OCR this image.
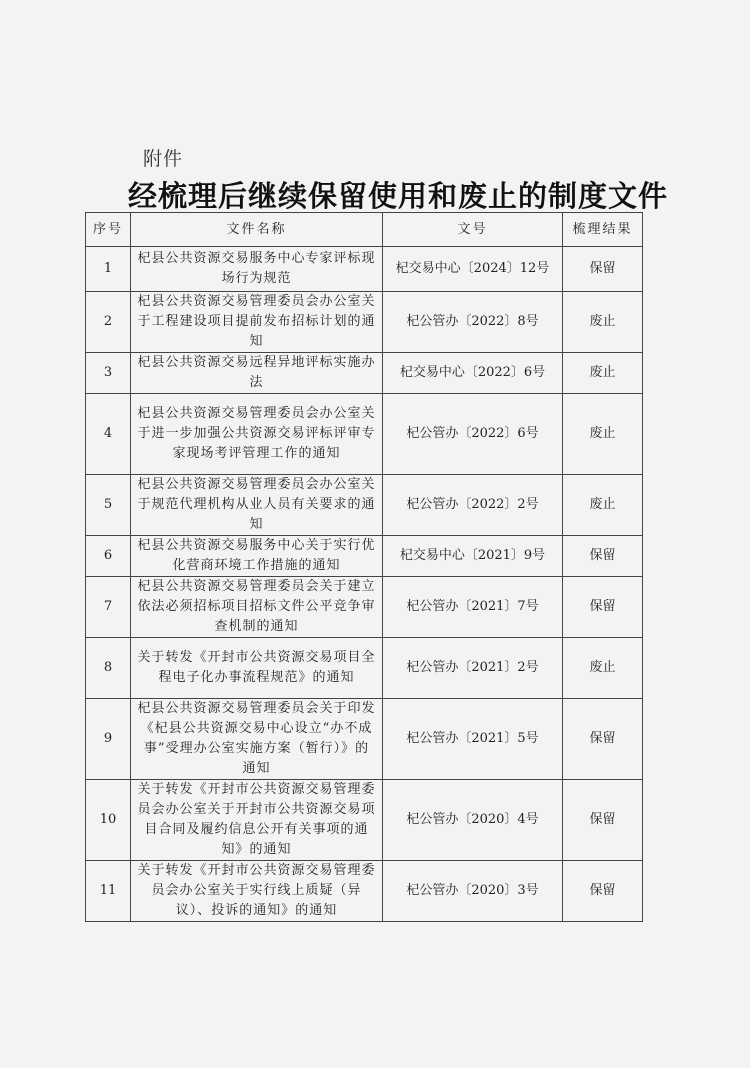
附件
经梳理后继续保留使用和废止的制度文件
序号	文件名称	文号	梳理结果
1	杞县公共资源交易服务中心专家评标现场行为规范	杞交易中心〔2024〕12号	保留
2	杞县公共资源交易管理委员会办公室关于工程建设项目提前发布招标计划的通知	杞公管办〔2022〕8号	废止
3	杞县公共资源交易远程异地评标实施办法	杞交易中心〔2022〕6号	废止
4	杞县公共资源交易管理委员会办公室关于进一步加强公共资源交易评标评审专家现场考评管理工作的通知	杞公管办〔2022〕6号	废止
5	杞县公共资源交易管理委员会办公室关于规范代理机构从业人员有关要求的通知	杞公管办〔2022〕2号	废止
6	杞县公共资源交易服务中心关于实行优化营商环境工作措施的通知	杞交易中心〔2021〕9号	保留
7	杞县公共资源交易管理委员会关于建立依法必须招标项目招标文件公平竞争审查机制的通知	杞公管办〔2021〕7号	保留
8	关于转发《开封市公共资源交易项目全程电子化办事流程规范》的通知	杞公管办〔2021〕2号	废止
9	杞县公共资源交易管理委员会关于印发《杞县公共资源交易中心设立“办不成事”受理办公室实施方案（暂行）》的通知	杞公管办〔2021〕5号	保留
10	关于转发《开封市公共资源交易管理委员会办公室关于开封市公共资源交易项目合同及履约信息公开有关事项的通知》的通知	杞公管办〔2020〕4号	保留
11	关于转发《开封市公共资源交易管理委员会办公室关于实行线上质疑（异议）、投诉的通知》的通知	杞公管办〔2020〕3号	保留
